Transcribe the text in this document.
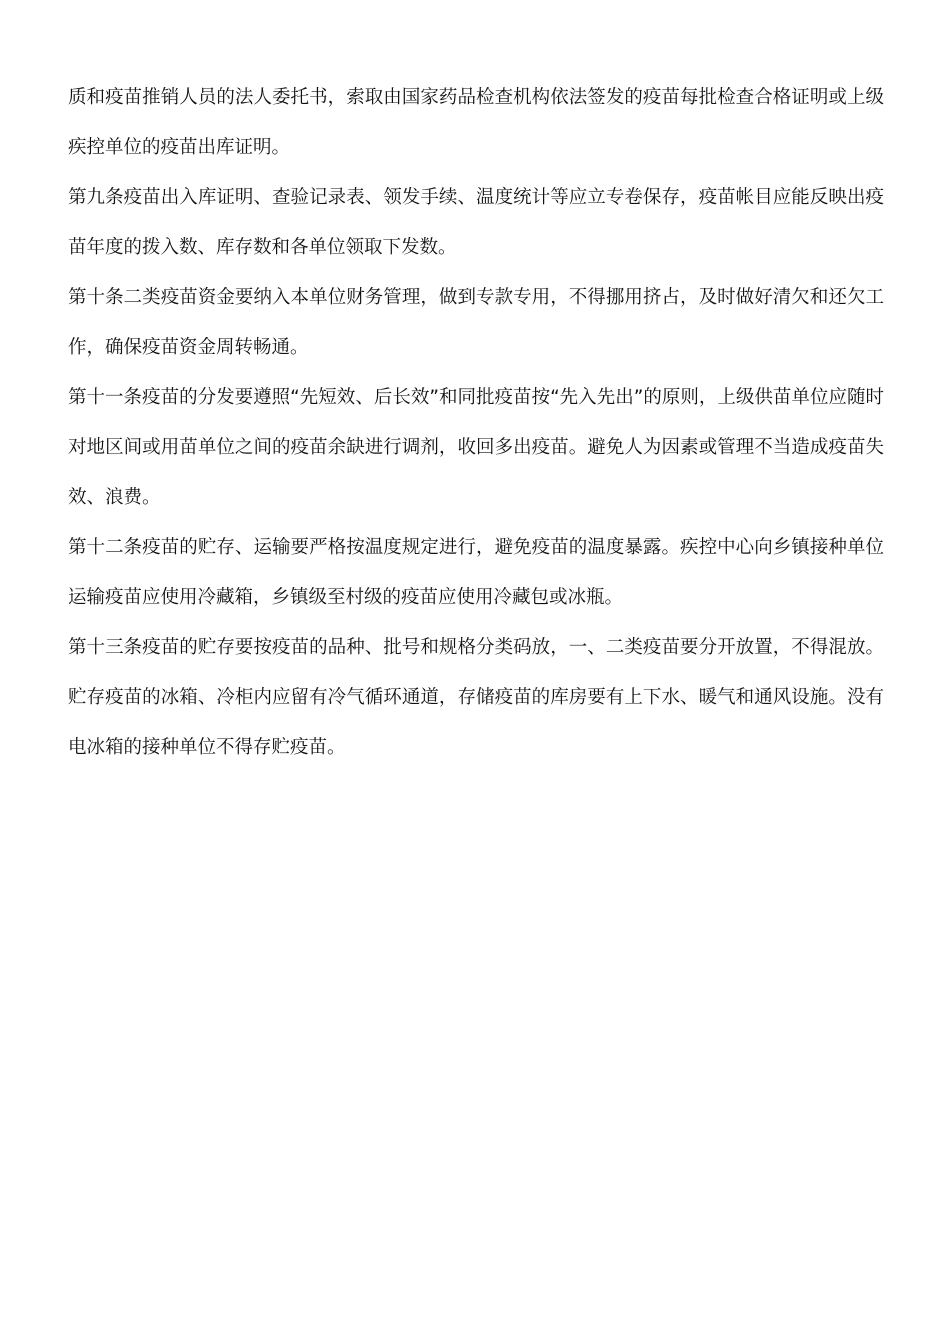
质和疫苗推销人员的法人委托书，索取由国家药品检查机构依法签发的疫苗每批检查合格证明或上级疾控单位的疫苗出库证明。

第九条疫苗出入库证明、查验记录表、领发手续、温度统计等应立专卷保存，疫苗帐目应能反映出疫苗年度的拨入数、库存数和各单位领取下发数。

第十条二类疫苗资金要纳入本单位财务管理，做到专款专用，不得挪用挤占，及时做好清欠和还欠工作，确保疫苗资金周转畅通。

第十一条疫苗的分发要遵照“先短效、后长效”和同批疫苗按“先入先出”的原则，上级供苗单位应随时对地区间或用苗单位之间的疫苗余缺进行调剂，收回多出疫苗。避免人为因素或管理不当造成疫苗失效、浪费。

第十二条疫苗的贮存、运输要严格按温度规定进行，避免疫苗的温度暴露。疾控中心向乡镇接种单位运输疫苗应使用冷藏箱，乡镇级至村级的疫苗应使用冷藏包或冰瓶。

第十三条疫苗的贮存要按疫苗的品种、批号和规格分类码放，一、二类疫苗要分开放置，不得混放。贮存疫苗的冰箱、冷柜内应留有冷气循环通道，存储疫苗的库房要有上下水、暖气和通风设施。没有电冰箱的接种单位不得存贮疫苗。
